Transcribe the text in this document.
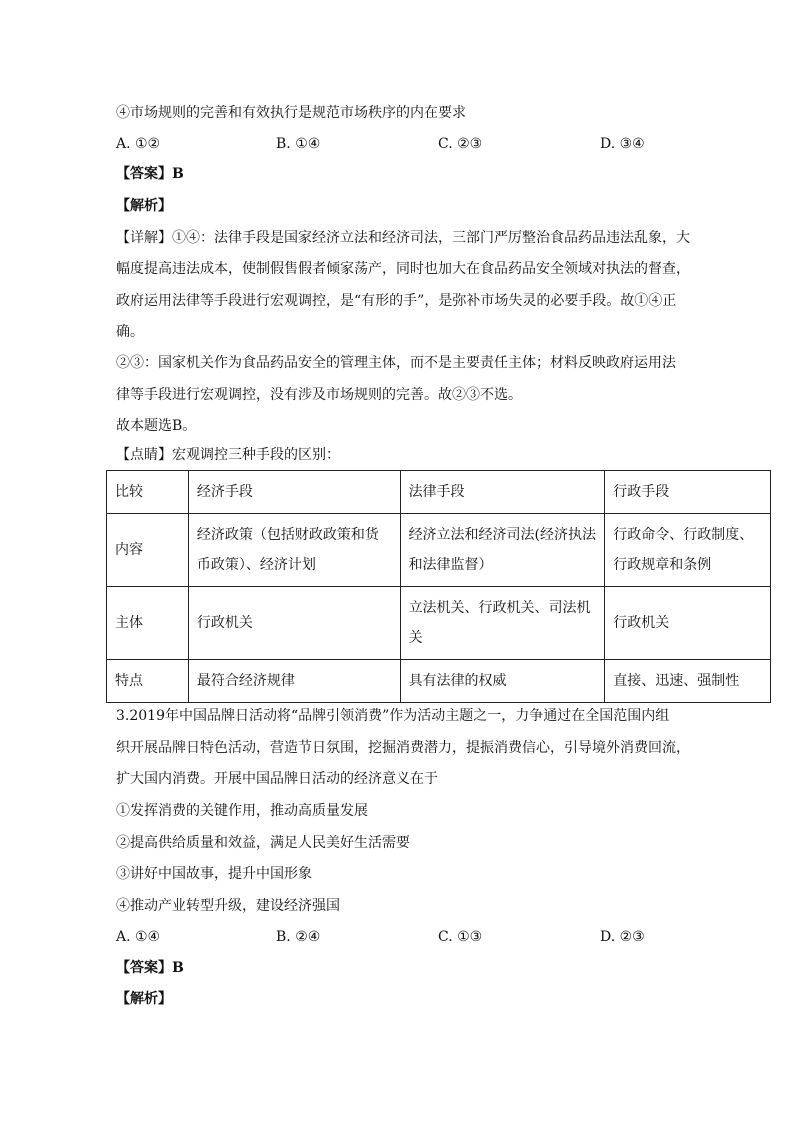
④市场规则的完善和有效执行是规范市场秩序的内在要求
A. ①②	B. ①④	C. ②③	D. ③④
【答案】B
【解析】
【详解】①④：法律手段是国家经济立法和经济司法，三部门严厉整治食品药品违法乱象，大
幅度提高违法成本，使制假售假者倾家荡产，同时也加大在食品药品安全领域对执法的督查，
政府运用法律等手段进行宏观调控，是“有形的手”，是弥补市场失灵的必要手段。故①④正
确。
②③：国家机关作为食品药品安全的管理主体，而不是主要责任主体；材料反映政府运用法
律等手段进行宏观调控，没有涉及市场规则的完善。故②③不选。
故本题选B。
【点睛】宏观调控三种手段的区别：
比较	经济手段	法律手段	行政手段
内容	经济政策（包括财政政策和货币政策）、经济计划	经济立法和经济司法(经济执法和法律监督）	行政命令、行政制度、行政规章和条例
主体	行政机关	立法机关、行政机关、司法机关	行政机关
特点	最符合经济规律	具有法律的权威	直接、迅速、强制性
3.2019年中国品牌日活动将“品牌引领消费”作为活动主题之一，力争通过在全国范围内组
织开展品牌日特色活动，营造节日氛围，挖掘消费潜力，提振消费信心，引导境外消费回流，
扩大国内消费。开展中国品牌日活动的经济意义在于
①发挥消费的关键作用，推动高质量发展
②提高供给质量和效益，满足人民美好生活需要
③讲好中国故事，提升中国形象
④推动产业转型升级，建设经济强国
A. ①④	B. ②④	C. ①③	D. ②③
【答案】B
【解析】
